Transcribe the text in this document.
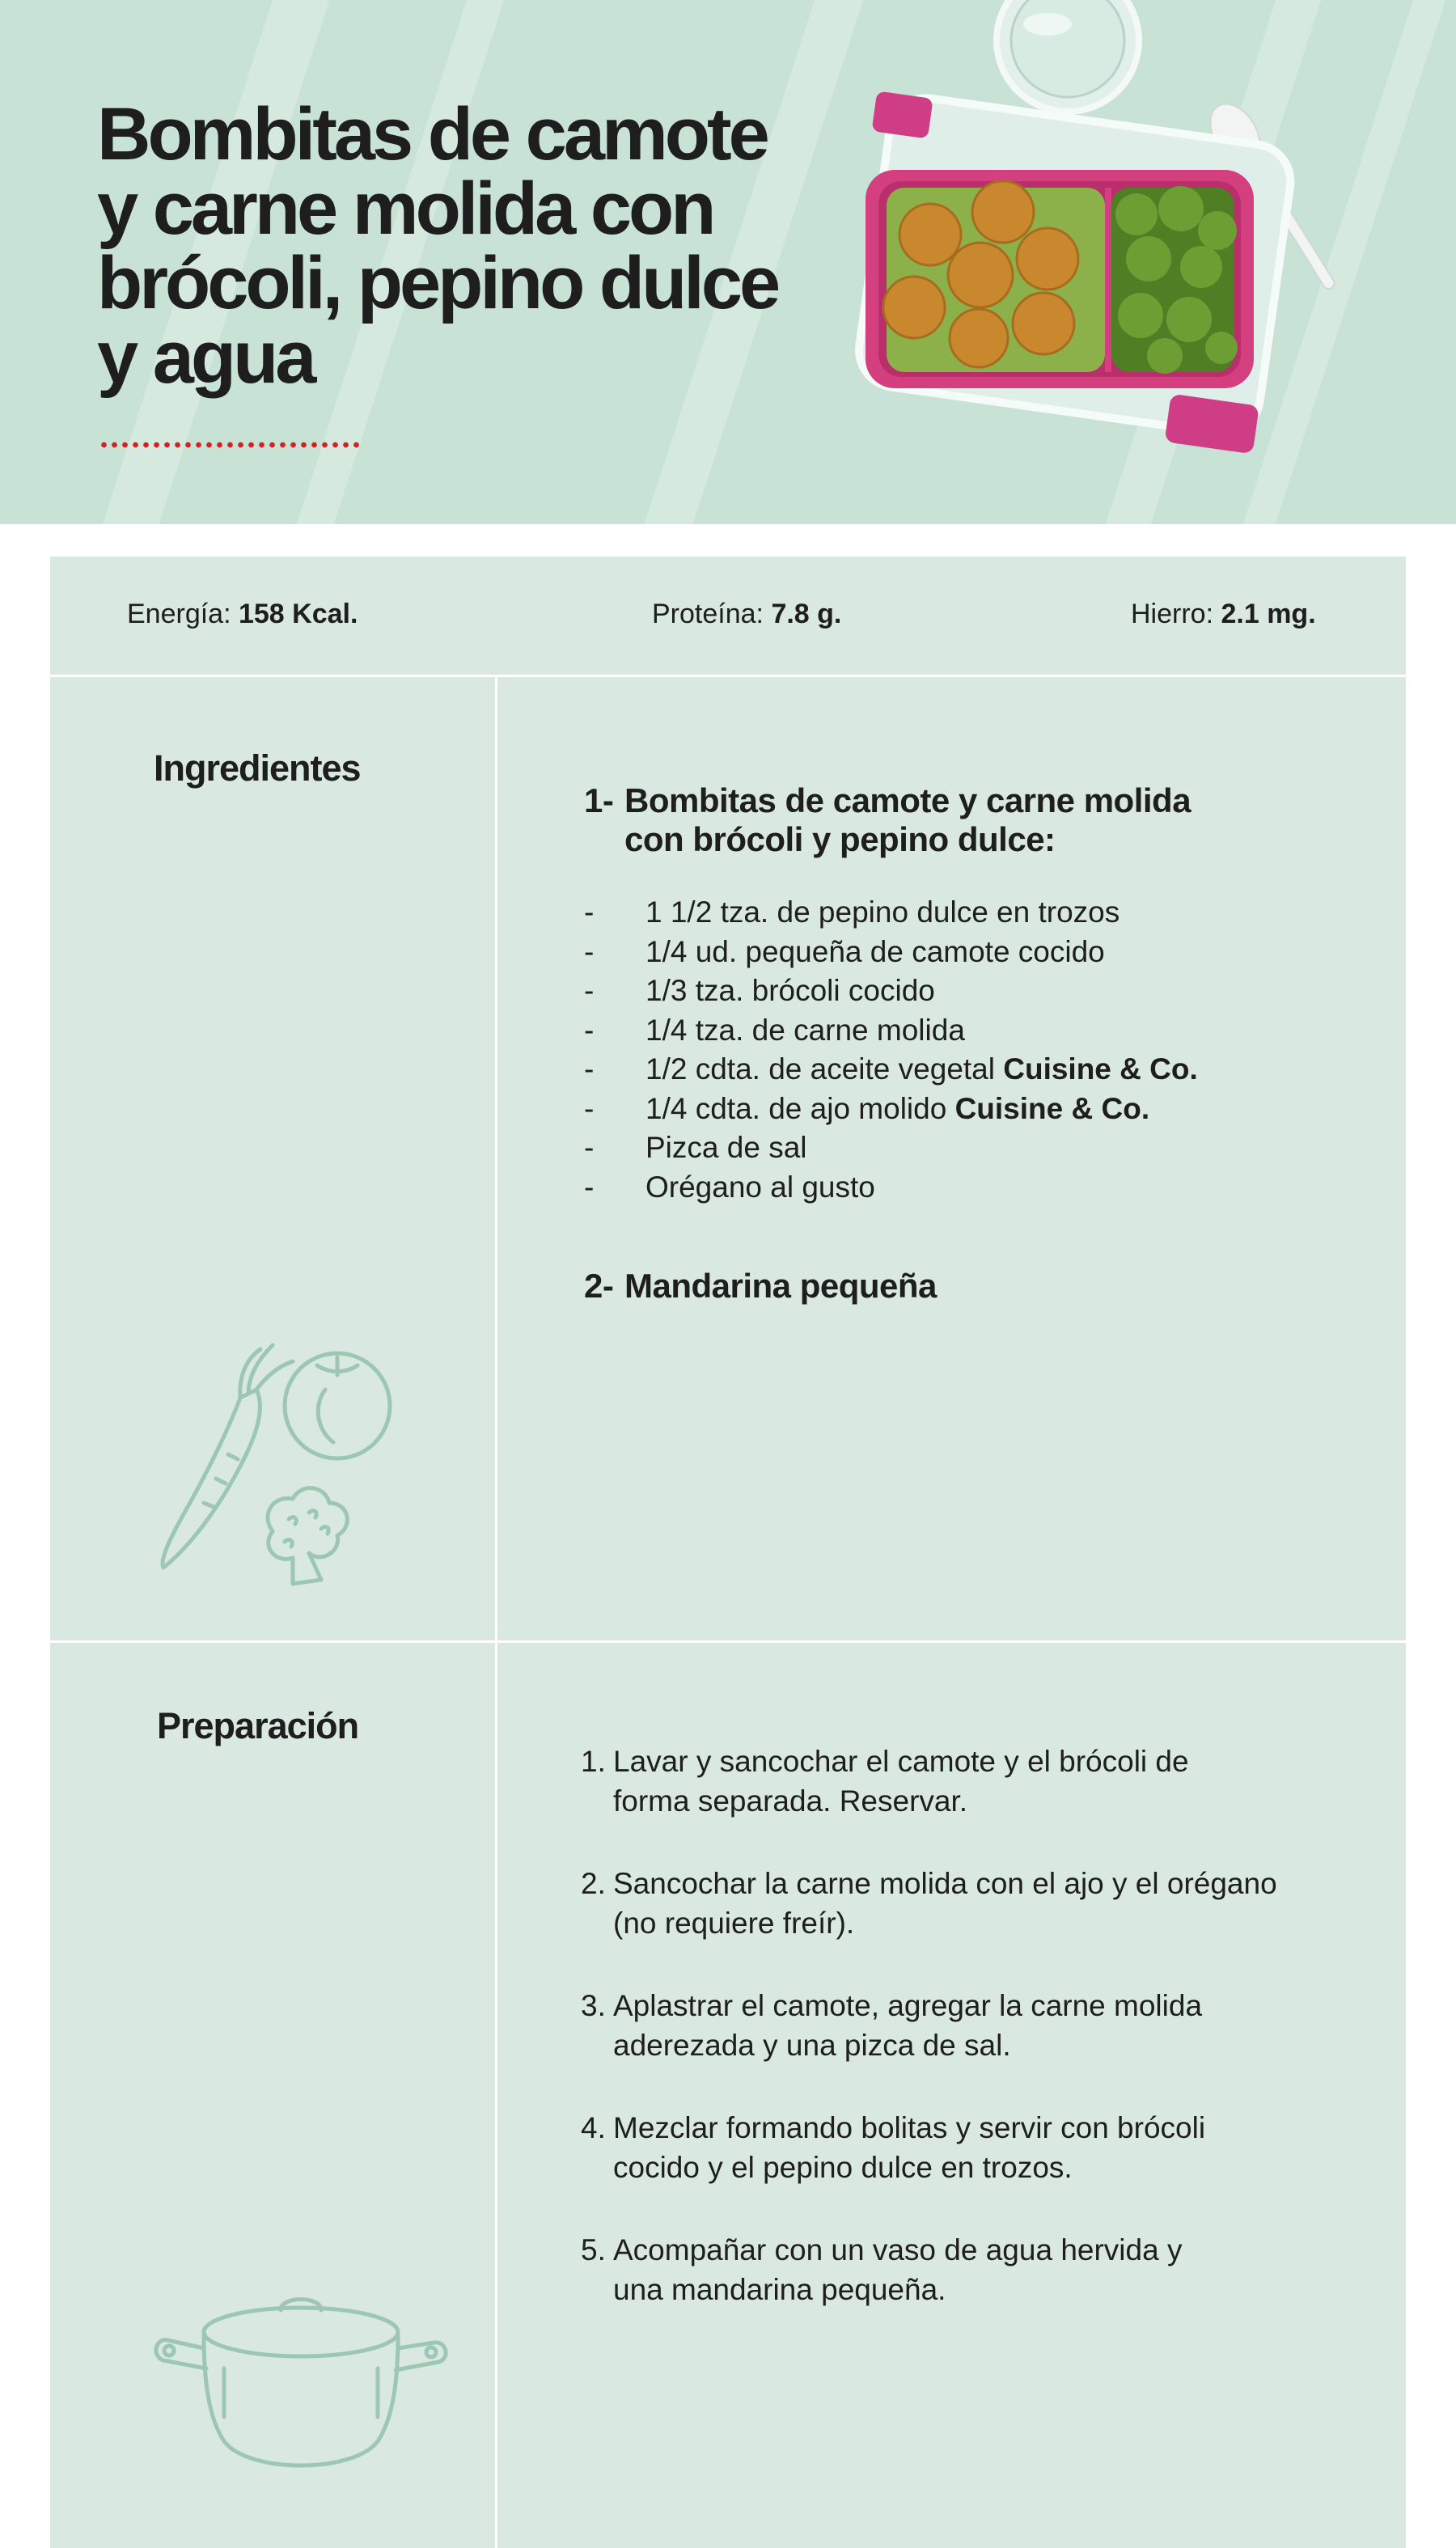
Bombitas de camote
y carne molida con
brócoli, pepino dulce
y agua
Energía: 158 Kcal.	Proteína: 7.8 g.	Hierro: 2.1 mg.
Ingredientes
1- Bombitas de camote y carne molida
con brócoli y pepino dulce:
- 1 1/2 tza. de pepino dulce en trozos
- 1/4 ud. pequeña de camote cocido
- 1/3 tza. brócoli cocido
- 1/4 tza. de carne molida
- 1/2 cdta. de aceite vegetal Cuisine & Co.
- 1/4 cdta. de ajo molido Cuisine & Co.
- Pizca de sal
- Orégano al gusto
2- Mandarina pequeña
Preparación
1. Lavar y sancochar el camote y el brócoli de
forma separada. Reservar.
2. Sancochar la carne molida con el ajo y el orégano
(no requiere freír).
3. Aplastrar el camote, agregar la carne molida
aderezada y una pizca de sal.
4. Mezclar formando bolitas y servir con brócoli
cocido y el pepino dulce en trozos.
5. Acompañar con un vaso de agua hervida y
una mandarina pequeña.
